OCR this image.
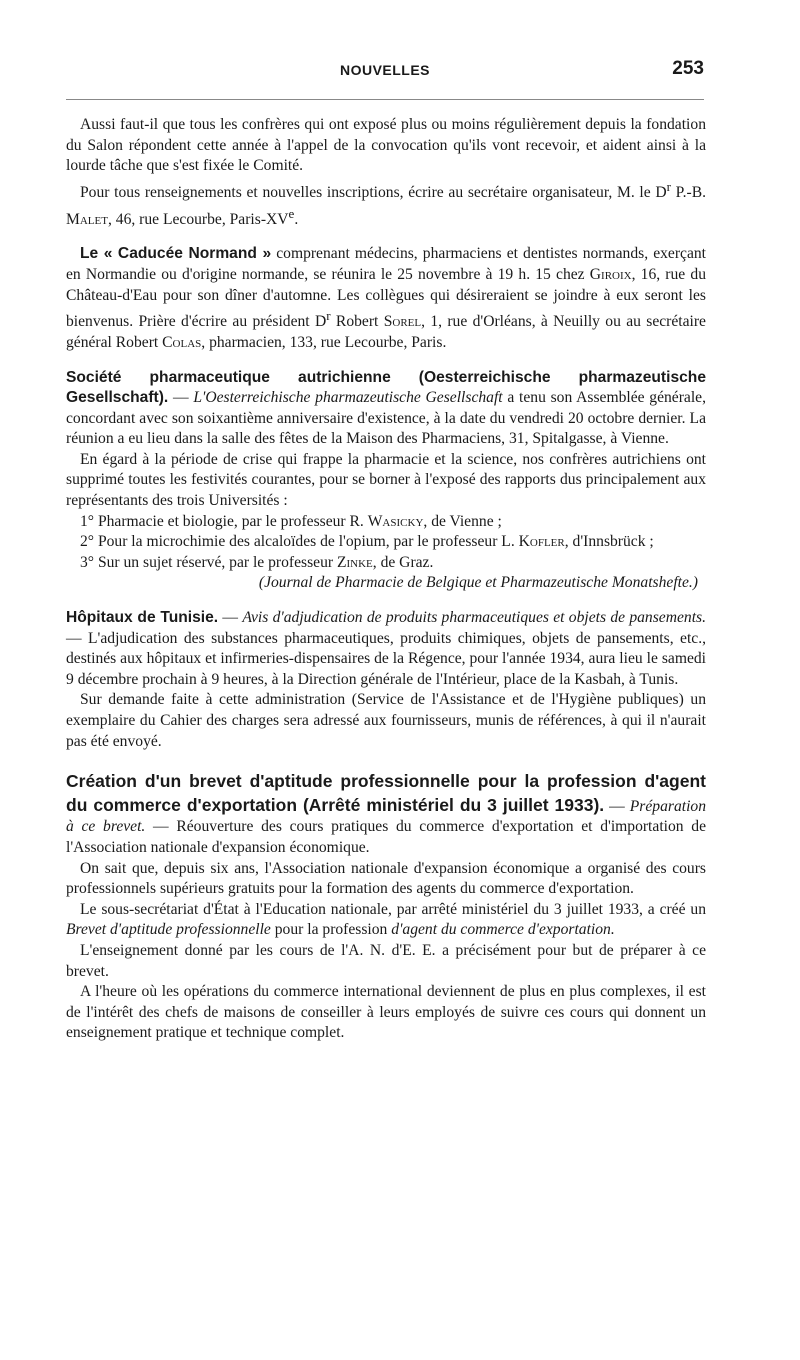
NOUVELLES	253

Aussi faut-il que tous les confrères qui ont exposé plus ou moins régulièrement depuis la fondation du Salon répondent cette année à l'appel de la convocation qu'ils vont recevoir, et aident ainsi à la lourde tâche que s'est fixée le Comité.

Pour tous renseignements et nouvelles inscriptions, écrire au secrétaire organisateur, M. le $D^r$ P.-B. Malet, 46, rue Lecourbe, Paris-XVe.

Le « Caducée Normand » comprenant médecins, pharmaciens et dentistes normands, exerçant en Normandie ou d'origine normande, se réunira le 25 novembre à 19 h. 15 chez Giroix, 16, rue du Château-d'Eau pour son dîner d'automne. Les collègues qui désireraient se joindre à eux seront les bienvenus. Prière d'écrire au président $D^r$ Robert Sorel, 1, rue d'Orléans, à Neuilly ou au secrétaire général Robert Colas, pharmacien, 133, rue Lecourbe, Paris.

Société pharmaceutique autrichienne (Oesterreichische pharmazeutische Gesellschaft). — L'Oesterreichische pharmazeutische Gesellschaft a tenu son Assemblée générale, concordant avec son soixantième anniversaire d'existence, à la date du vendredi 20 octobre dernier. La réunion a eu lieu dans la salle des fêtes de la Maison des Pharmaciens, 31, Spitalgasse, à Vienne.

En égard à la période de crise qui frappe la pharmacie et la science, nos confrères autrichiens ont supprimé toutes les festivités courantes, pour se borner à l'exposé des rapports dus principalement aux représentants des trois Universités :

1° Pharmacie et biologie, par le professeur R. Wasicky, de Vienne ;

2° Pour la microchimie des alcaloïdes de l'opium, par le professeur L. Kofler, d'Innsbrück ;

3° Sur un sujet réservé, par le professeur Zinke, de Graz.

(Journal de Pharmacie de Belgique et Pharmazeutische Monatshefte.)

Hôpitaux de Tunisie. — Avis d'adjudication de produits pharmaceutiques et objets de pansements. — L'adjudication des substances pharmaceutiques, produits chimiques, objets de pansements, etc., destinés aux hôpitaux et infirmeries-dispensaires de la Régence, pour l'année 1934, aura lieu le samedi 9 décembre prochain à 9 heures, à la Direction générale de l'Intérieur, place de la Kasbah, à Tunis.

Sur demande faite à cette administration (Service de l'Assistance et de l'Hygiène publiques) un exemplaire du Cahier des charges sera adressé aux fournisseurs, munis de références, à qui il n'aurait pas été envoyé.

Création d'un brevet d'aptitude professionnelle pour la profession d'agent du commerce d'exportation (Arrêté ministériel du 3 juillet 1933). — Préparation à ce brevet. — Réouverture des cours pratiques du commerce d'exportation et d'importation de l'Association nationale d'expansion économique.

On sait que, depuis six ans, l'Association nationale d'expansion économique a organisé des cours professionnels supérieurs gratuits pour la formation des agents du commerce d'exportation.

Le sous-secrétariat d'État à l'Education nationale, par arrêté ministériel du 3 juillet 1933, a créé un Brevet d'aptitude professionnelle pour la profession d'agent du commerce d'exportation.

L'enseignement donné par les cours de l'A. N. d'E. E. a précisément pour but de préparer à ce brevet.

A l'heure où les opérations du commerce international deviennent de plus en plus complexes, il est de l'intérêt des chefs de maisons de conseiller à leurs employés de suivre ces cours qui donnent un enseignement pratique et technique complet.
